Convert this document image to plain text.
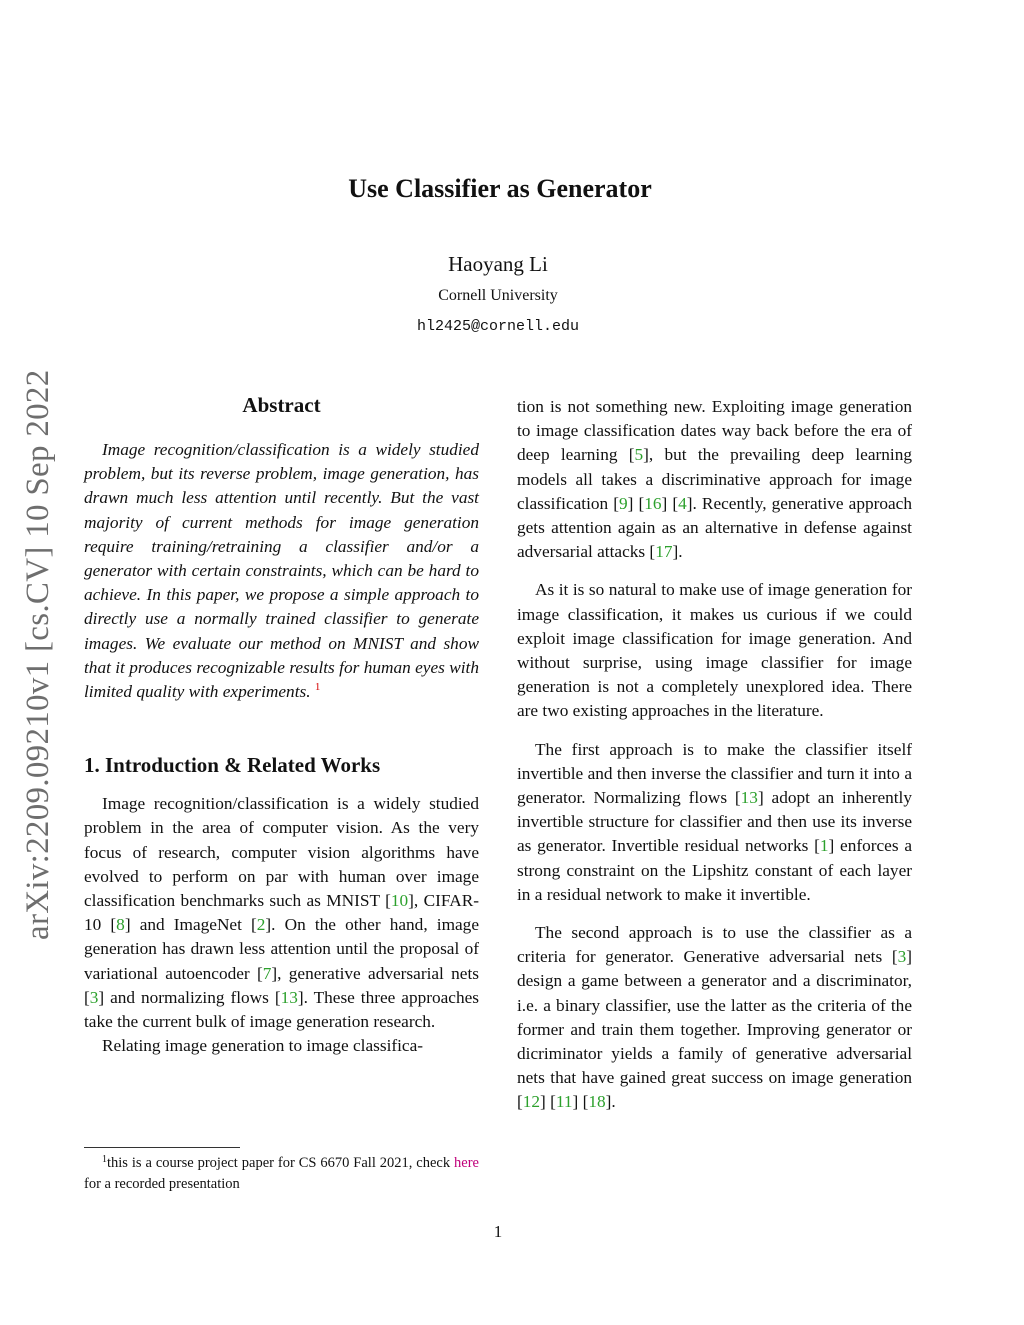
arXiv:2209.09210v1 [cs.CV] 10 Sep 2022
Use Classifier as Generator
Haoyang Li
Cornell University
hl2425@cornell.edu
Abstract

Image recognition/classification is a widely studied problem, but its reverse problem, image generation, has drawn much less attention until recently. But the vast majority of current methods for image generation require training/retraining a classifier and/or a generator with certain constraints, which can be hard to achieve. In this paper, we propose a simple approach to directly use a normally trained classifier to generate images. We evaluate our method on MNIST and show that it produces recognizable results for human eyes with limited quality with experiments. $^1$

1. Introduction & Related Works

Image recognition/classification is a widely studied problem in the area of computer vision. As the very focus of research, computer vision algorithms have evolved to perform on par with human over image classification benchmarks such as MNIST [10], CIFAR-10 [8] and ImageNet [2]. On the other hand, image generation has drawn less attention until the proposal of variational autoencoder [7], generative adversarial nets [3] and normalizing flows [13]. These three approaches take the current bulk of image generation research.

Relating image generation to image classifica-

tion is not something new. Exploiting image generation to image classification dates way back before the era of deep learning [5], but the prevailing deep learning models all takes a discriminative approach for image classification [9] [16] [4]. Recently, generative approach gets attention again as an alternative in defense against adversarial attacks [17].

As it is so natural to make use of image generation for image classification, it makes us curious if we could exploit image classification for image generation. And without surprise, using image classifier for image generation is not a completely unexplored idea. There are two existing approaches in the literature.

The first approach is to make the classifier itself invertible and then inverse the classifier and turn it into a generator. Normalizing flows [13] adopt an inherently invertible structure for classifier and then use its inverse as generator. Invertible residual networks [1] enforces a strong constraint on the Lipshitz constant of each layer in a residual network to make it invertible.

The second approach is to use the classifier as a criteria for generator. Generative adversarial nets [3] design a game between a generator and a discriminator, i.e. a binary classifier, use the latter as the criteria of the former and train them together. Improving generator or dicriminator yields a family of generative adversarial nets that have gained great success on image generation [12] [11] [18].

$^1$this is a course project paper for CS 6670 Fall 2021, check here for a recorded presentation
1
